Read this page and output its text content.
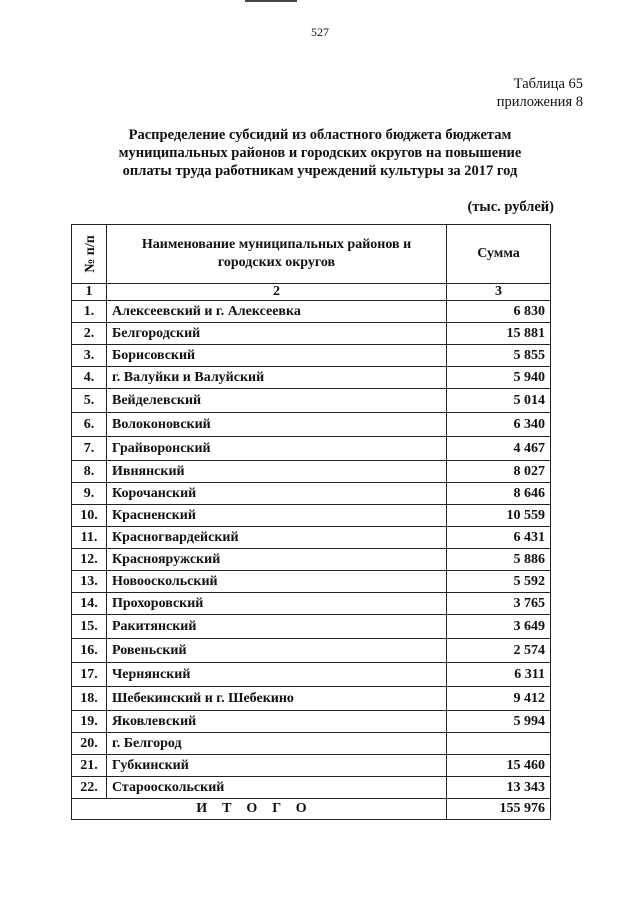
527
Таблица 65
приложения 8
Распределение субсидий из областного бюджета бюджетам
муниципальных районов и городских округов на повышение
оплаты труда работникам учреждений культуры за 2017 год
(тыс. рублей)
№ п/п	Наименование муниципальных районов и
городских округов	Сумма
1	2	3
1.	Алексеевский и г. Алексеевка	6 830
2.	Белгородский	15 881
3.	Борисовский	5 855
4.	г. Валуйки и Валуйский	5 940
5.	Вейделевский	5 014
6.	Волоконовский	6 340
7.	Грайворонский	4 467
8.	Ивнянский	8 027
9.	Корочанский	8 646
10.	Красненский	10 559
11.	Красногвардейский	6 431
12.	Краснояружский	5 886
13.	Новооскольский	5 592
14.	Прохоровский	3 765
15.	Ракитянский	3 649
16.	Ровеньский	2 574
17.	Чернянский	6 311
18.	Шебекинский и г. Шебекино	9 412
19.	Яковлевский	5 994
20.	г. Белгород	
21.	Губкинский	15 460
22.	Старооскольский	13 343
ИТОГО		155 976
